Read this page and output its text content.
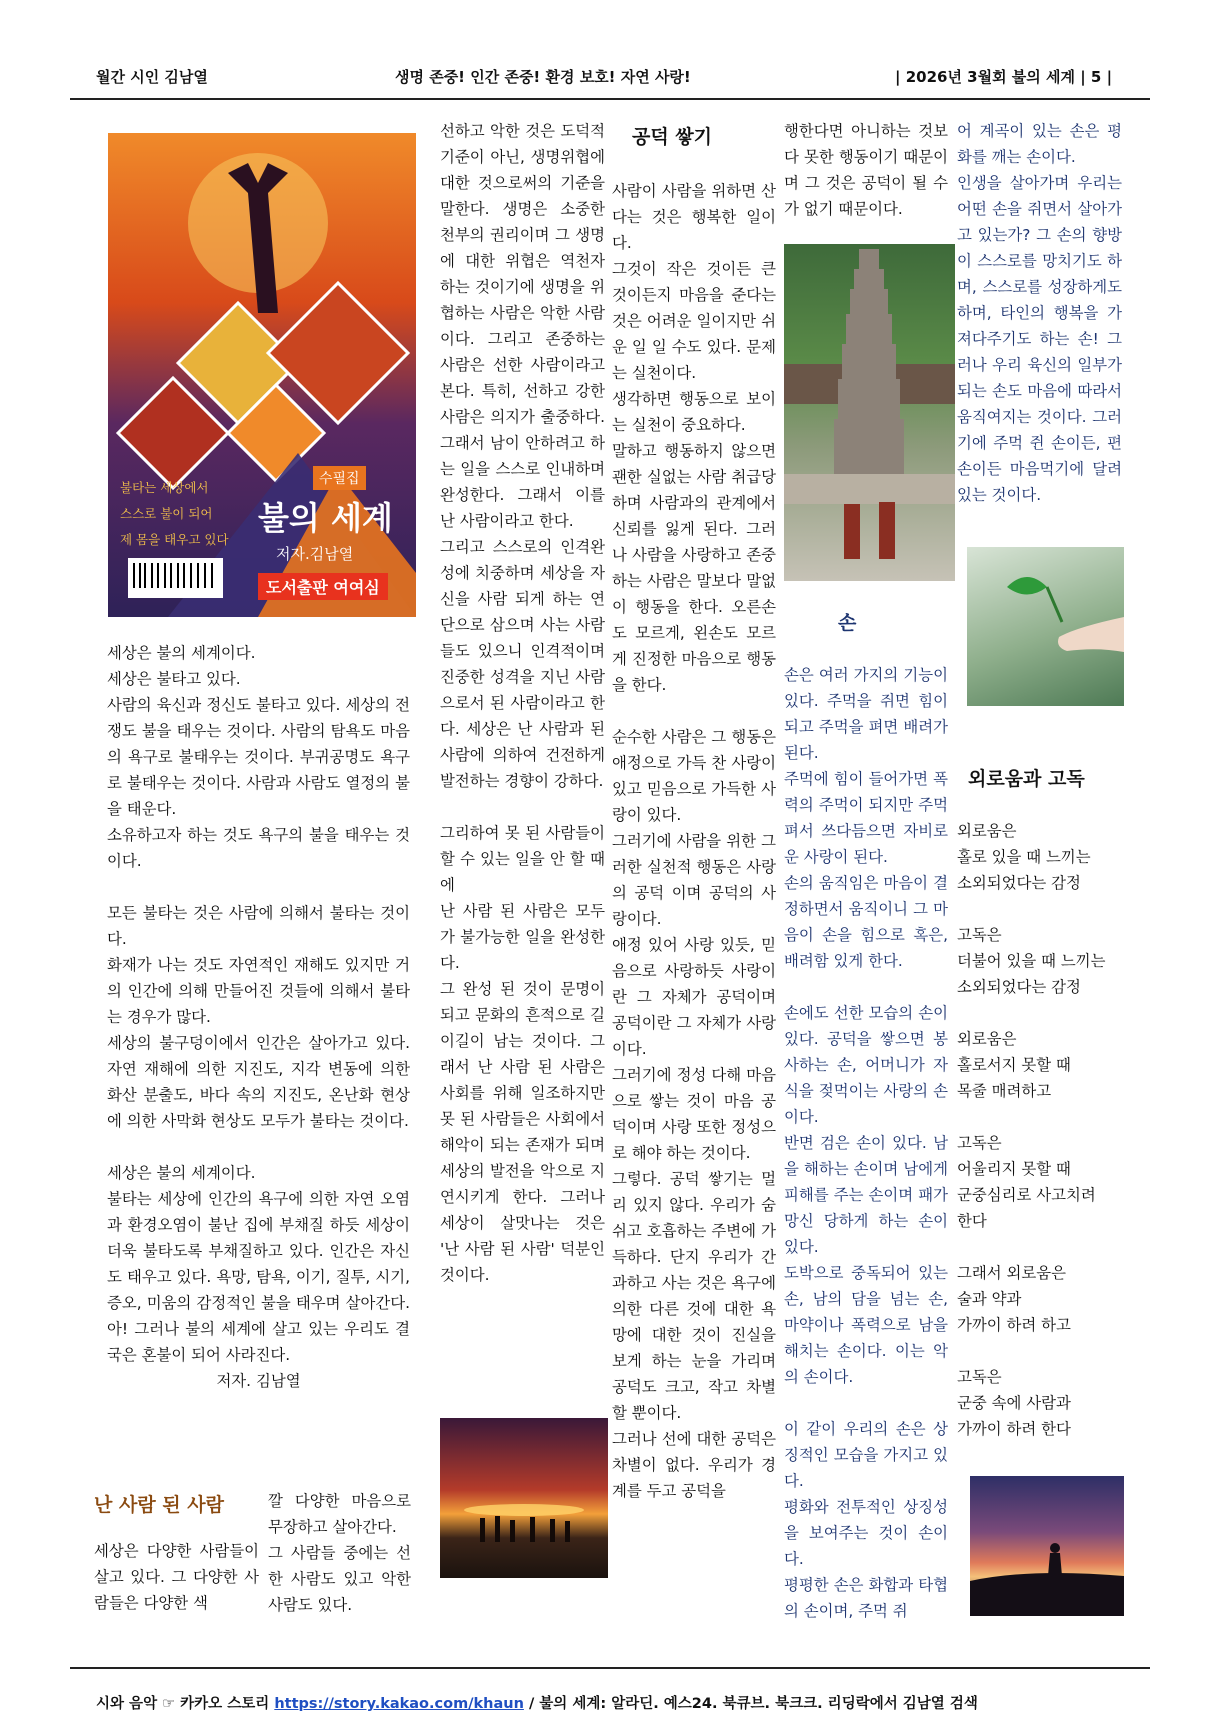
월간 시인 김남열	생명 존중! 인간 존중! 환경 보호! 자연 사랑!	| 2026년 3월회 불의 세계 | 5 |
수필집
불타는 세상에서
스스로 불이 되어
제 몸을 태우고 있다
불의 세계
저자.김남열
도서출판 여여심

세상은 불의 세계이다.
세상은 불타고 있다.
사람의 육신과 정신도 불타고 있다. 세상의 전쟁도 불을 태우는 것이다. 사람의 탐욕도 마음의 욕구로 불태우는 것이다. 부귀공명도 욕구로 불태우는 것이다. 사람과 사람도 열정의 불을 태운다.
소유하고자 하는 것도 욕구의 불을 태우는 것이다.

모든 불타는 것은 사람에 의해서 불타는 것이다.
화재가 나는 것도 자연적인 재해도 있지만 거의 인간에 의해 만들어진 것들에 의해서 불타는 경우가 많다.
세상의 불구덩이에서 인간은 살아가고 있다. 자연 재해에 의한 지진도, 지각 변동에 의한 화산 분출도, 바다 속의 지진도, 온난화 현상에 의한 사막화 현상도 모두가 불타는 것이다.

세상은 불의 세계이다.
불타는 세상에 인간의 욕구에 의한 자연 오염과 환경오염이 불난 집에 부채질 하듯 세상이 더욱 불타도록 부채질하고 있다. 인간은 자신도 태우고 있다. 욕망, 탐욕, 이기, 질투, 시기, 증오, 미움의 감정적인 불을 태우며 살아간다. 아! 그러나 불의 세계에 살고 있는 우리도 결국은 혼불이 되어 사라진다.

저자. 김남열

난 사람 된 사람

세상은 다양한 사람들이 살고 있다. 그 다양한 사람들은 다양한 색

깔 다양한 마음으로 무장하고 살아간다.
그 사람들 중에는 선한 사람도 있고 악한 사람도 있다.

선하고 악한 것은 도덕적 기준이 아닌, 생명위협에 대한 것으로써의 기준을 말한다. 생명은 소중한 천부의 권리이며 그 생명에 대한 위협은 역천자 하는 것이기에 생명을 위협하는 사람은 악한 사람이다. 그리고 존중하는 사람은 선한 사람이라고 본다. 특히, 선하고 강한 사람은 의지가 출중하다. 그래서 남이 안하려고 하는 일을 스스로 인내하며 완성한다. 그래서 이를 난 사람이라고 한다.
그리고 스스로의 인격완성에 치중하며 세상을 자신을 사람 되게 하는 연단으로 삼으며 사는 사람들도 있으니 인격적이며 진중한 성격을 지닌 사람으로서 된 사람이라고 한다. 세상은 난 사람과 된 사람에 의하여 건전하게 발전하는 경향이 강하다.

그리하여 못 된 사람들이 할 수 있는 일을 안 할 때에
난 사람 된 사람은 모두가 불가능한 일을 완성한다.
그 완성 된 것이 문명이 되고 문화의 흔적으로 길이길이 남는 것이다. 그래서 난 사람 된 사람은 사회를 위해 일조하지만 못 된 사람들은 사회에서 해악이 되는 존재가 되며 세상의 발전을 악으로 지연시키게 한다. 그러나 세상이 살맛나는 것은 '난 사람 된 사람' 덕분인 것이다.

공덕 쌓기

사람이 사람을 위하면 산다는 것은 행복한 일이다.
그것이 작은 것이든 큰 것이든지 마음을 준다는 것은 어려운 일이지만 쉬운 일 일 수도 있다. 문제는 실천이다.
생각하면 행동으로 보이는 실천이 중요하다.
말하고 행동하지 않으면 괜한 실없는 사람 취급당하며 사람과의 관계에서 신뢰를 잃게 된다. 그러나 사람을 사랑하고 존중하는 사람은 말보다 말없이 행동을 한다. 오른손도 모르게, 왼손도 모르게 진정한 마음으로 행동을 한다.

순수한 사람은 그 행동은 애정으로 가득 찬 사랑이 있고 믿음으로 가득한 사랑이 있다.
그러기에 사람을 위한 그러한 실천적 행동은 사랑의 공덕 이며 공덕의 사랑이다.
애정 있어 사랑 있듯, 믿음으로 사랑하듯 사랑이란 그 자체가 공덕이며 공덕이란 그 자체가 사랑이다.
그러기에 정성 다해 마음으로 쌓는 것이 마음 공덕이며 사랑 또한 정성으로 해야 하는 것이다.
그렇다. 공덕 쌓기는 멀리 있지 않다. 우리가 숨 쉬고 호흡하는 주변에 가득하다. 단지 우리가 간과하고 사는 것은 욕구에 의한 다른 것에 대한 욕망에 대한 것이 진실을 보게 하는 눈을 가리며 공덕도 크고, 작고 차별할 뿐이다.
그러나 선에 대한 공덕은 차별이 없다. 우리가 경계를 두고 공덕을

행한다면 아니하는 것보다 못한 행동이기 때문이며 그 것은 공덕이 될 수가 없기 때문이다.

손

손은 여러 가지의 기능이 있다. 주먹을 쥐면 힘이 되고 주먹을 펴면 배려가 된다.
주먹에 힘이 들어가면 폭력의 주먹이 되지만 주먹 펴서 쓰다듬으면 자비로운 사랑이 된다.
손의 움직임은 마음이 결정하면서 움직이니 그 마음이 손을 힘으로 혹은, 배려함 있게 한다.

손에도 선한 모습의 손이 있다. 공덕을 쌓으면 봉사하는 손, 어머니가 자식을 젖먹이는 사랑의 손이다.
반면 검은 손이 있다. 남을 해하는 손이며 남에게 피해를 주는 손이며 패가망신 당하게 하는 손이 있다.
도박으로 중독되어 있는 손, 남의 담을 넘는 손, 마약이나 폭력으로 남을 해치는 손이다. 이는 악의 손이다.

이 같이 우리의 손은 상징적인 모습을 가지고 있다.
평화와 전투적인 상징성을 보여주는 것이 손이다.
평평한 손은 화합과 타협의 손이며, 주먹 쥐

어 계곡이 있는 손은 평화를 깨는 손이다.
인생을 살아가며 우리는 어떤 손을 쥐면서 살아가고 있는가? 그 손의 향방이 스스로를 망치기도 하며, 스스로를 성장하게도 하며, 타인의 행복을 가져다주기도 하는 손! 그러나 우리 육신의 일부가 되는 손도 마음에 따라서 움직여지는 것이다. 그러기에 주먹 쥔 손이든, 편 손이든 마음먹기에 달려 있는 것이다.

외로움과 고독
외로움은
홀로 있을 때 느끼는
소외되었다는 감정
고독은
더불어 있을 때 느끼는
소외되었다는 감정
외로움은
홀로서지 못할 때
목줄 매려하고
고독은
어울리지 못할 때
군중심리로 사고치려
한다
그래서 외로움은
술과 약과
가까이 하려 하고
고독은
군중 속에 사람과
가까이 하려 한다
시와 음악 ☞ 카카오 스토리 https://story.kakao.com/khaun / 불의 세계: 알라딘. 예스24. 북큐브. 북크크. 리딩락에서 김남열 검색
